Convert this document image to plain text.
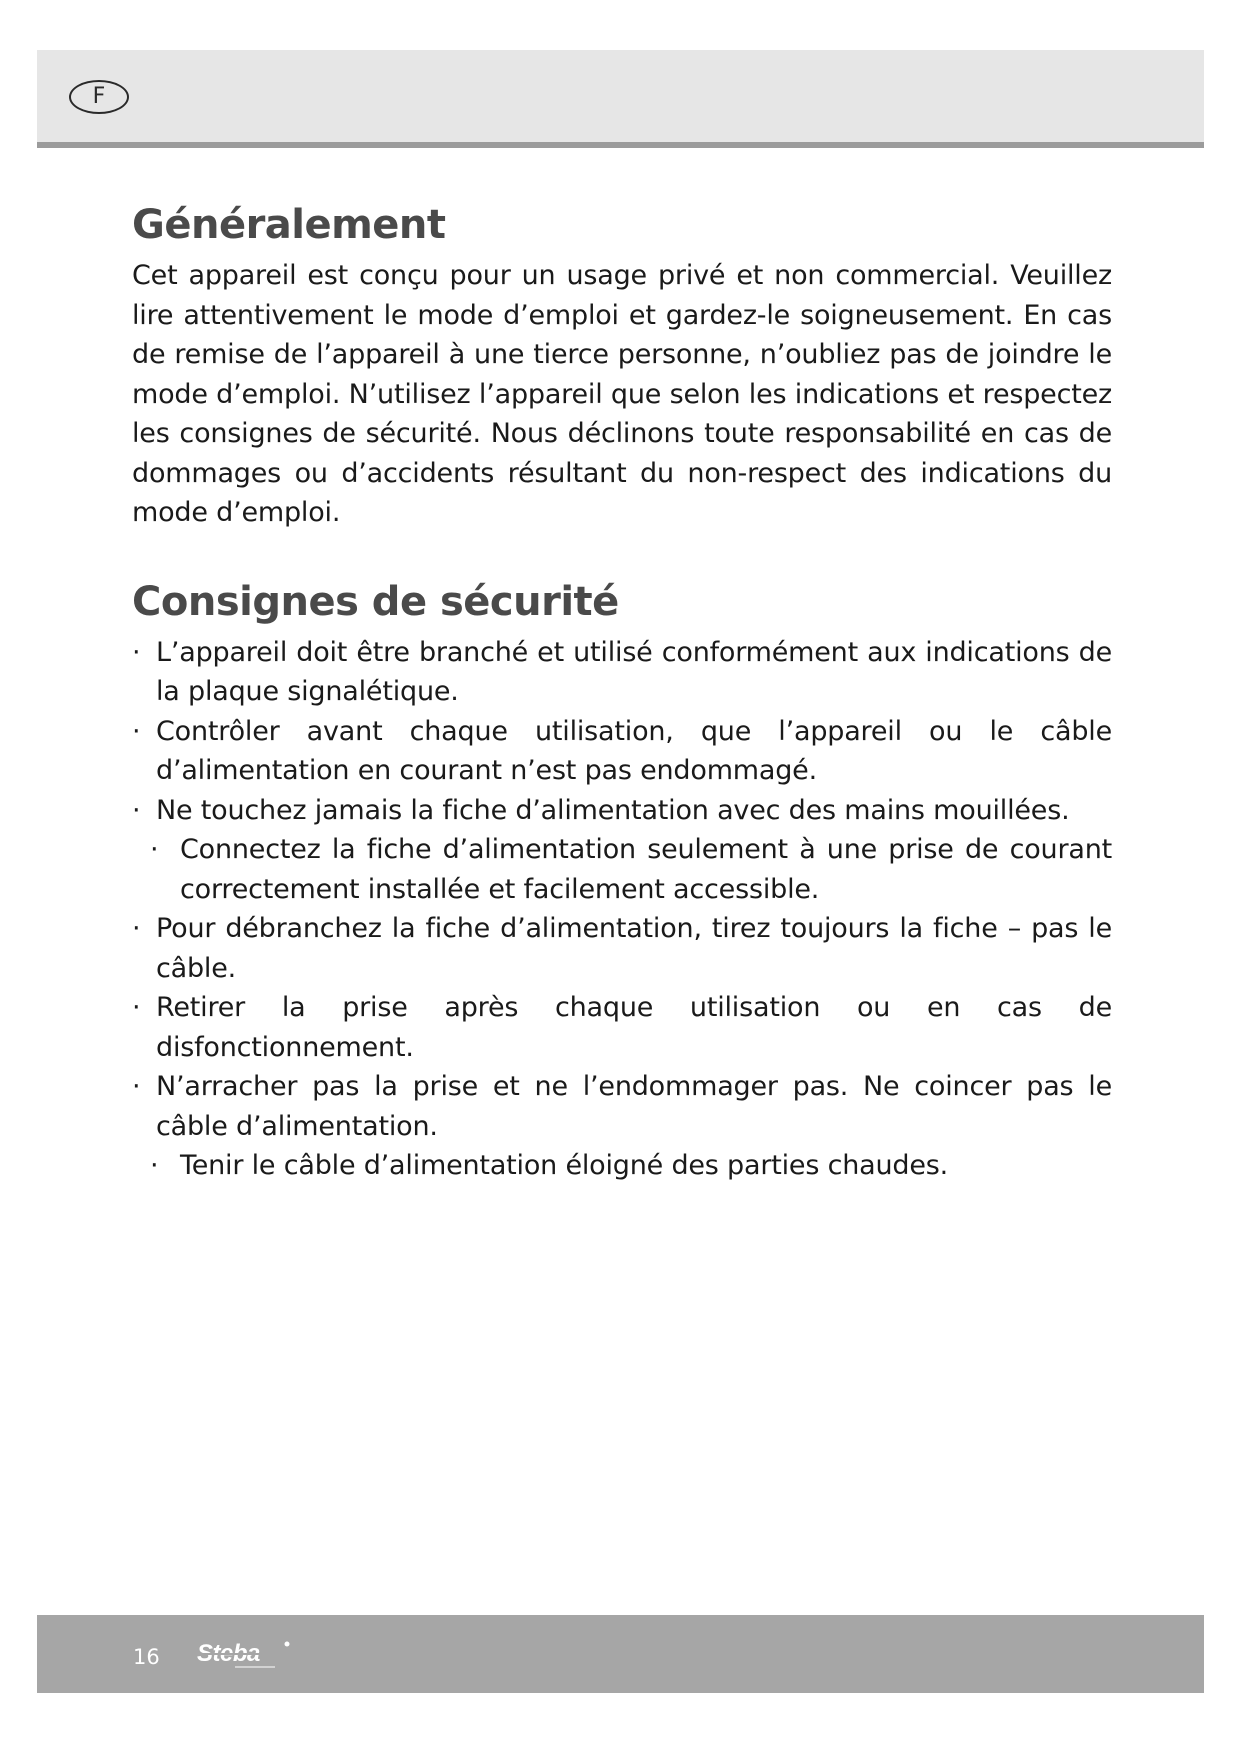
F
Généralement

Cet appareil est conçu pour un usage privé et non commercial. Veuillez lire attentivement le mode d’emploi et gardez-le soigneusement. En cas de remise de l’appareil à une tierce personne, n’oubliez pas de joindre le mode d’emploi. N’utilisez l’appareil que selon les indications et respectez les consignes de sécurité. Nous déclinons toute responsabilité en cas de dommages ou d’accidents résultant du non-respect des indications du mode d’emploi.

Consignes de sécurité
· L’appareil doit être branché et utilisé conformément aux indications de la plaque signalétique.
· Contrôler avant chaque utilisation, que l’appareil ou le câble d’alimentation en courant n’est pas endommagé.
· Ne touchez jamais la fiche d’alimentation avec des mains mouillées.
· Connectez la fiche d’alimentation seulement à une prise de courant correctement installée et facilement accessible.
· Pour débranchez la fiche d’alimentation, tirez toujours la fiche – pas le câble.
· Retirer la prise après chaque utilisation ou en cas de disfonctionnement.
· N’arracher pas la prise et ne l’endommager pas. Ne coincer pas le câble d’alimentation.
· Tenir le câble d’alimentation éloigné des parties chaudes.
16 Steba
